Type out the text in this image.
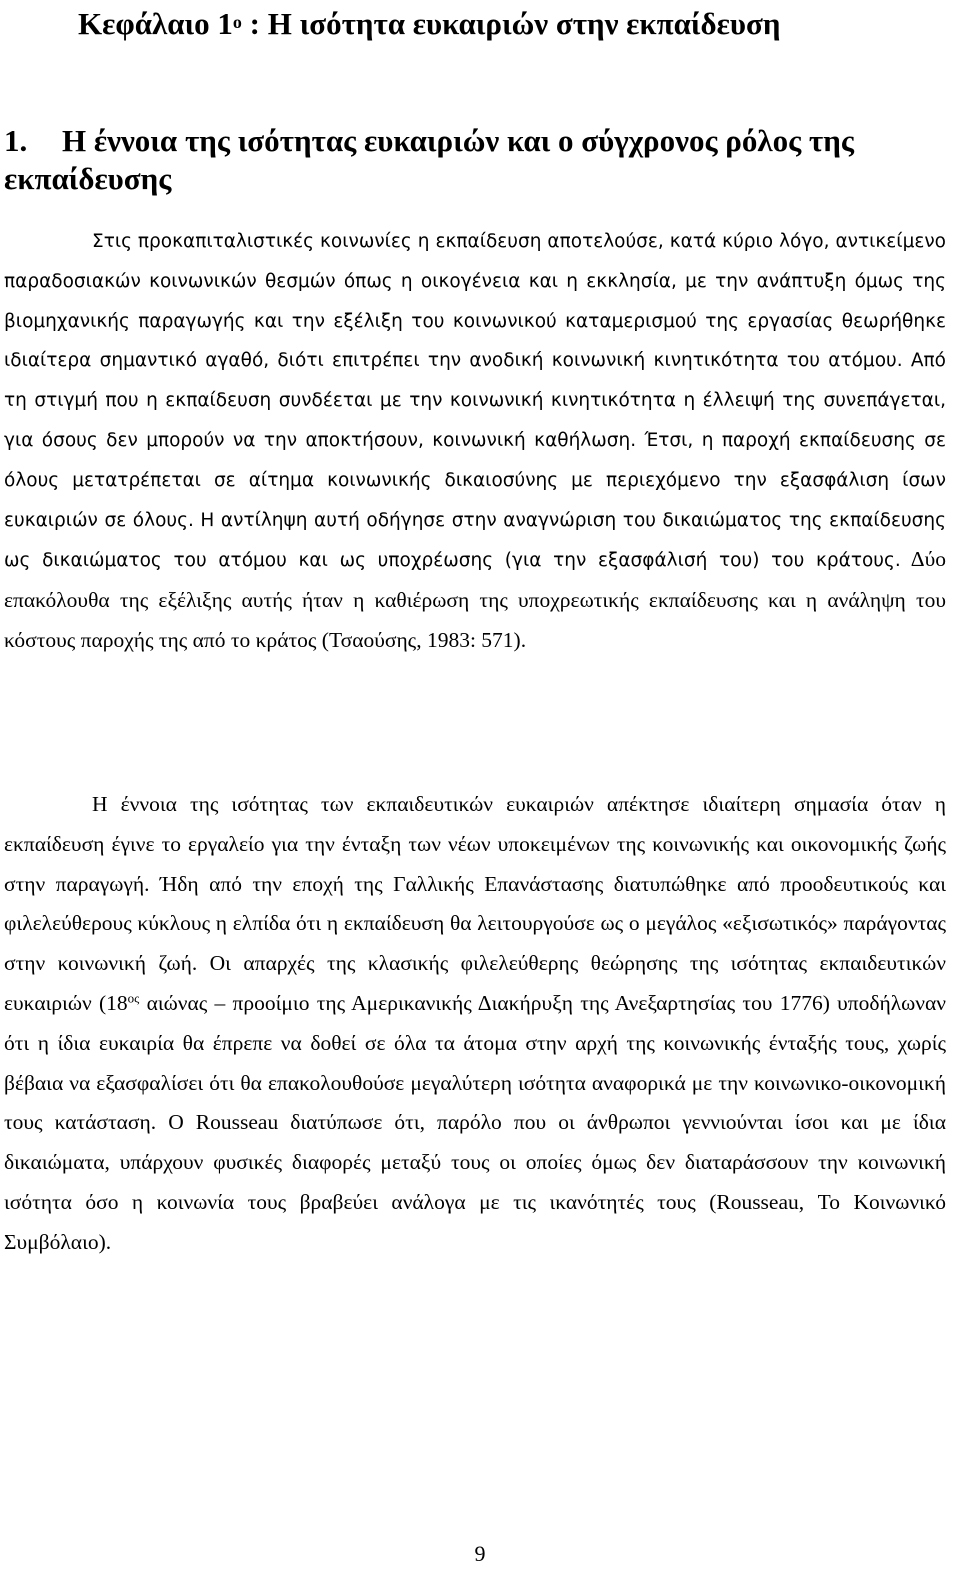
Κεφάλαιο $1^o$ : Η ισότητα ευκαιριών στην εκπαίδευση
1. Η έννοια της ισότητας ευκαιριών και ο σύγχρονος ρόλος της εκπαίδευσης

Στις προκαπιταλιστικές κοινωνίες η εκπαίδευση αποτελούσε, κατά κύριο λόγο, αντικείμενο παραδοσιακών κοινωνικών θεσμών όπως η οικογένεια και η εκκλησία, με την ανάπτυξη όμως της βιομηχανικής παραγωγής και την εξέλιξη του κοινωνικού καταμερισμού της εργασίας θεωρήθηκε ιδιαίτερα σημαντικό αγαθό, διότι επιτρέπει την ανοδική κοινωνική κινητικότητα του ατόμου. Από τη στιγμή που η εκπαίδευση συνδέεται με την κοινωνική κινητικότητα η έλλειψή της συνεπάγεται, για όσους δεν μπορούν να την αποκτήσουν, κοινωνική καθήλωση. Έτσι, η παροχή εκπαίδευσης σε όλους μετατρέπεται σε αίτημα κοινωνικής δικαιοσύνης με περιεχόμενο την εξασφάλιση ίσων ευκαιριών σε όλους. Η αντίληψη αυτή οδήγησε στην αναγνώριση του δικαιώματος της εκπαίδευσης ως δικαιώματος του ατόμου και ως υποχρέωσης (για την εξασφάλισή του) του κράτους. Δύο επακόλουθα της εξέλιξης αυτής ήταν η καθιέρωση της υποχρεωτικής εκπαίδευσης και η ανάληψη του κόστους παροχής της από το κράτος (Τσαούσης, 1983: 571).

Η έννοια της ισότητας των εκπαιδευτικών ευκαιριών απέκτησε ιδιαίτερη σημασία όταν η εκπαίδευση έγινε το εργαλείο για την ένταξη των νέων υποκειμένων της κοινωνικής και οικονομικής ζωής στην παραγωγή. Ήδη από την εποχή της Γαλλικής Επανάστασης διατυπώθηκε από προοδευτικούς και φιλελεύθερους κύκλους η ελπίδα ότι η εκπαίδευση θα λειτουργούσε ως ο μεγάλος «εξισωτικός» παράγοντας στην κοινωνική ζωή. Οι απαρχές της κλασικής φιλελεύθερης θεώρησης της ισότητας εκπαιδευτικών ευκαιριών ($18^{o\varsigma}$ αιώνας – προοίμιο της Αμερικανικής Διακήρυξη της Ανεξαρτησίας του 1776) υποδήλωναν ότι η ίδια ευκαιρία θα έπρεπε να δοθεί σε όλα τα άτομα στην αρχή της κοινωνικής ένταξής τους, χωρίς βέβαια να εξασφαλίσει ότι θα επακολουθούσε μεγαλύτερη ισότητα αναφορικά με την κοινωνικο-οικονομική τους κατάσταση. Ο Rousseau διατύπωσε ότι, παρόλο που οι άνθρωποι γεννιούνται ίσοι και με ίδια δικαιώματα, υπάρχουν φυσικές διαφορές μεταξύ τους οι οποίες όμως δεν διαταράσσουν την κοινωνική ισότητα όσο η κοινωνία τους βραβεύει ανάλογα με τις ικανότητές τους (Rousseau, Το Κοινωνικό Συμβόλαιο).

9
